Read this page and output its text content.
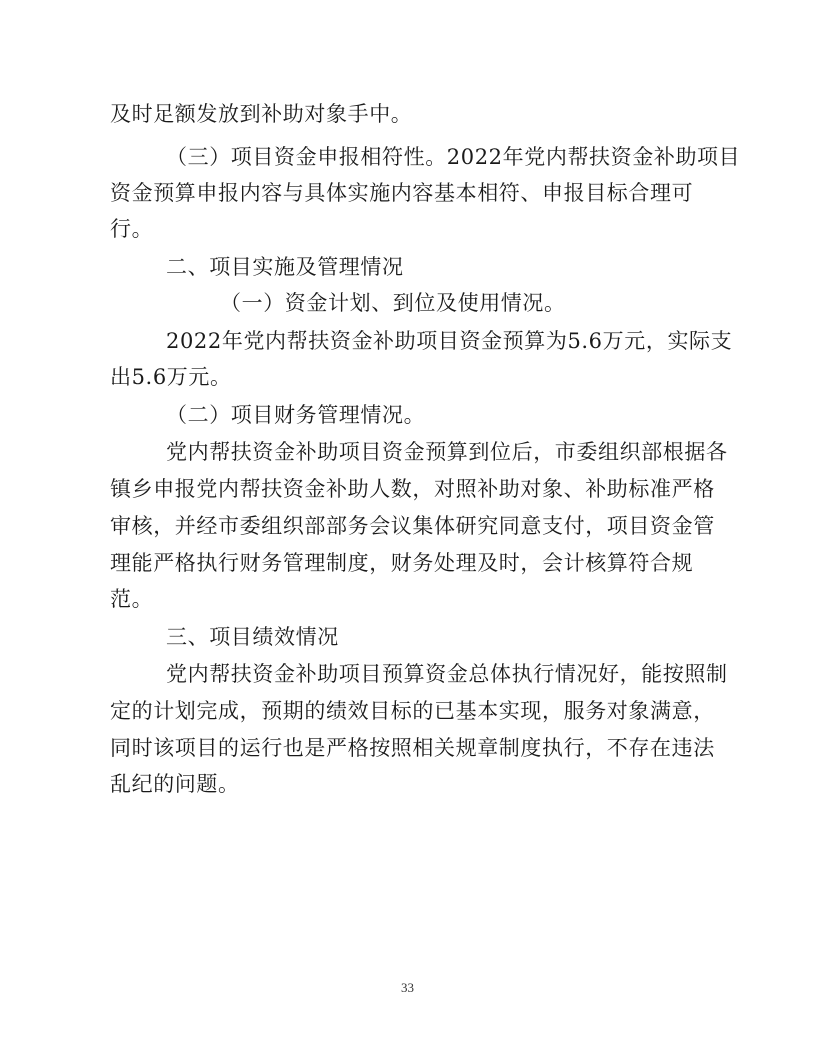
及时足额发放到补助对象手中。
（三）项目资金申报相符性。2022年党内帮扶资金补助项目
资金预算申报内容与具体实施内容基本相符、申报目标合理可
行。
二、项目实施及管理情况
（一）资金计划、到位及使用情况。
2022年党内帮扶资金补助项目资金预算为5.6万元，实际支
出5.6万元。
（二）项目财务管理情况。
党内帮扶资金补助项目资金预算到位后，市委组织部根据各
镇乡申报党内帮扶资金补助人数，对照补助对象、补助标准严格
审核，并经市委组织部部务会议集体研究同意支付，项目资金管
理能严格执行财务管理制度，财务处理及时，会计核算符合规
范。
三、项目绩效情况
党内帮扶资金补助项目预算资金总体执行情况好，能按照制
定的计划完成，预期的绩效目标的已基本实现，服务对象满意，
同时该项目的运行也是严格按照相关规章制度执行，不存在违法
乱纪的问题。
33
